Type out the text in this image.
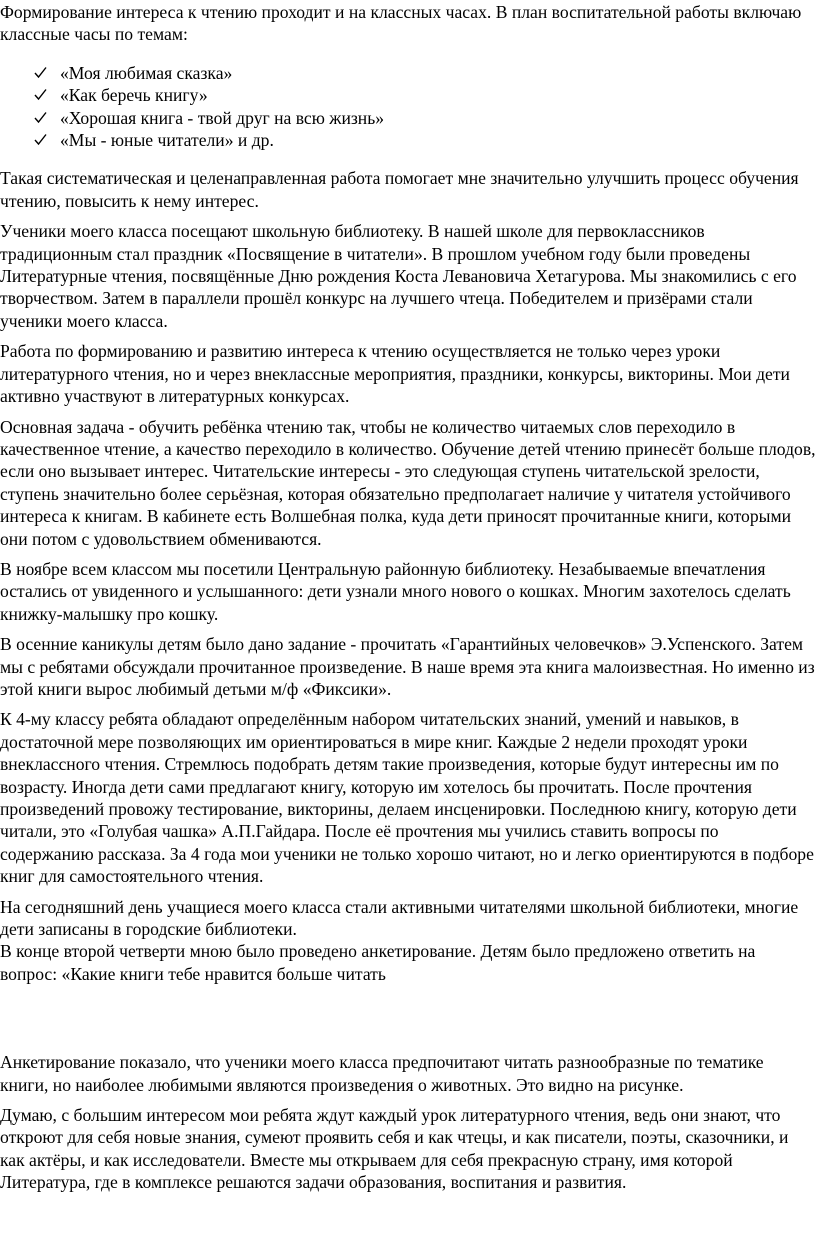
Формирование интереса к чтению проходит и на классных часах. В план воспитательной работы включаю классные часы по темам:

«Моя любимая сказка»
«Как беречь книгу»
«Хорошая книга - твой друг на всю жизнь»
«Мы - юные читатели» и др.

Такая систематическая и целенаправленная работа помогает мне значительно улучшить процесс обучения чтению, повысить к нему интерес.

Ученики моего класса посещают школьную библиотеку. В нашей школе для первоклассников традиционным стал праздник «Посвящение в читатели». В прошлом учебном году были проведены Литературные чтения, посвящённые Дню рождения Коста Левановича Хетагурова. Мы знакомились с его творчеством. Затем в параллели прошёл конкурс на лучшего чтеца. Победителем и призёрами стали ученики моего класса.

Работа по формированию и развитию интереса к чтению осуществляется не только через уроки литературного чтения, но и через внеклассные мероприятия, праздники, конкурсы, викторины. Мои дети активно участвуют в литературных конкурсах.

Основная задача - обучить ребёнка чтению так, чтобы не количество читаемых слов переходило в качественное чтение, а качество переходило в количество. Обучение детей чтению принесёт больше плодов, если оно вызывает интерес. Читательские интересы - это следующая ступень читательской зрелости, ступень значительно более серьёзная, которая обязательно предполагает наличие у читателя устойчивого интереса к книгам. В кабинете есть Волшебная полка, куда дети приносят прочитанные книги, которыми они потом с удовольствием обмениваются.

В ноябре всем классом мы посетили Центральную районную библиотеку. Незабываемые впечатления остались от увиденного и услышанного: дети узнали много нового о кошках. Многим захотелось сделать книжку-малышку про кошку.

В осенние каникулы детям было дано задание - прочитать «Гарантийных человечков» Э.Успенского. Затем мы с ребятами обсуждали прочитанное произведение. В наше время эта книга малоизвестная. Но именно из этой книги вырос любимый детьми м/ф «Фиксики».

К 4-му классу ребята обладают определённым набором читательских знаний, умений и навыков, в достаточной мере позволяющих им ориентироваться в мире книг. Каждые 2 недели проходят уроки внеклассного чтения. Стремлюсь подобрать детям такие произведения, которые будут интересны им по возрасту. Иногда дети сами предлагают книгу, которую им хотелось бы прочитать. После прочтения произведений провожу тестирование, викторины, делаем инсценировки. Последнюю книгу, которую дети читали, это «Голубая чашка» А.П.Гайдара. После её прочтения мы учились ставить вопросы по содержанию рассказа. За 4 года мои ученики не только хорошо читают, но и легко ориентируются в подборе книг для самостоятельного чтения.

На сегодняшний день учащиеся моего класса стали активными читателями школьной библиотеки, многие дети записаны в городские библиотеки.
В конце второй четверти мною было проведено анкетирование. Детям было предложено ответить на вопрос: «Какие книги тебе нравится больше читать

Анкетирование показало, что ученики моего класса предпочитают читать разнообразные по тематике книги, но наиболее любимыми являются произведения о животных. Это видно на рисунке.

Думаю, с большим интересом мои ребята ждут каждый урок литературного чтения, ведь они знают, что откроют для себя новые знания, сумеют проявить себя и как чтецы, и как писатели, поэты, сказочники, и как актёры, и как исследователи. Вместе мы открываем для себя прекрасную страну, имя которой Литература, где в комплексе решаются задачи образования, воспитания и развития.
